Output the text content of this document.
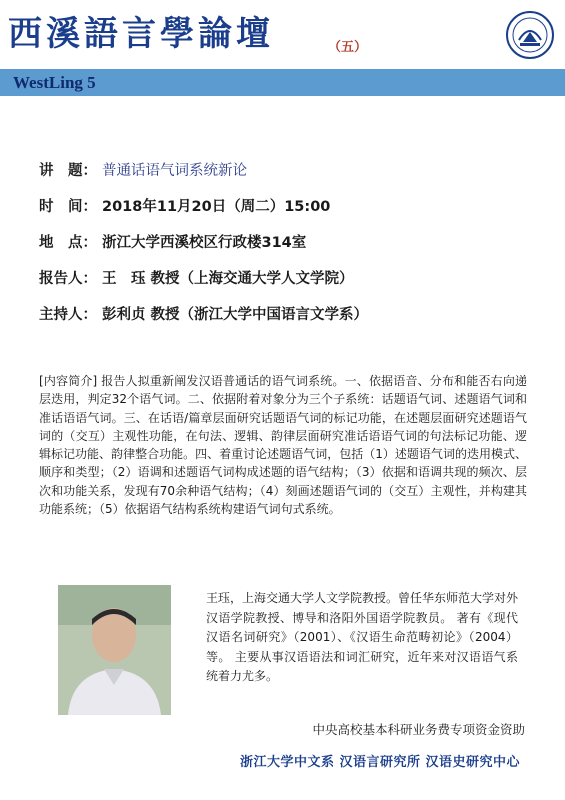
西溪語言學論壇	（五）
WestLing 5
讲　题： 普通话语气词系统新论
时　间： 2018年11月20日（周二）15:00
地　点： 浙江大学西溪校区行政楼314室
报告人： 王　珏 教授（上海交通大学人文学院）
主持人： 彭利贞 教授（浙江大学中国语言文学系）
[内容简介] 报告人拟重新阐发汉语普通话的语气词系统。一、依据语音、分布和能否右向递层迭用，判定32个语气词。二、依据附着对象分为三个子系统：话题语气词、述题语气词和准话语语气词。三、在话语/篇章层面研究话题语气词的标记功能，在述题层面研究述题语气词的（交互）主观性功能，在句法、逻辑、韵律层面研究准话语语气词的句法标记功能、逻辑标记功能、韵律整合功能。四、着重讨论述题语气词，包括（1）述题语气词的迭用模式、顺序和类型；（2）语调和述题语气词构成述题的语气结构；（3）依据和语调共现的频次、层次和功能关系，发现有70余种语气结构；（4）刻画述题语气词的（交互）主观性，并构建其功能系统；（5）依据语气结构系统构建语气词句式系统。
王珏，上海交通大学人文学院教授。曾任华东师范大学对外汉语学院教授、博导和洛阳外国语学院教员。 著有《现代汉语名词研究》（2001）、《汉语生命范畴初论》（2004）等。 主要从事汉语语法和词汇研究，近年来对汉语语气系统着力尤多。
中央高校基本科研业务费专项资金资助
浙江大学中文系 汉语言研究所 汉语史研究中心
